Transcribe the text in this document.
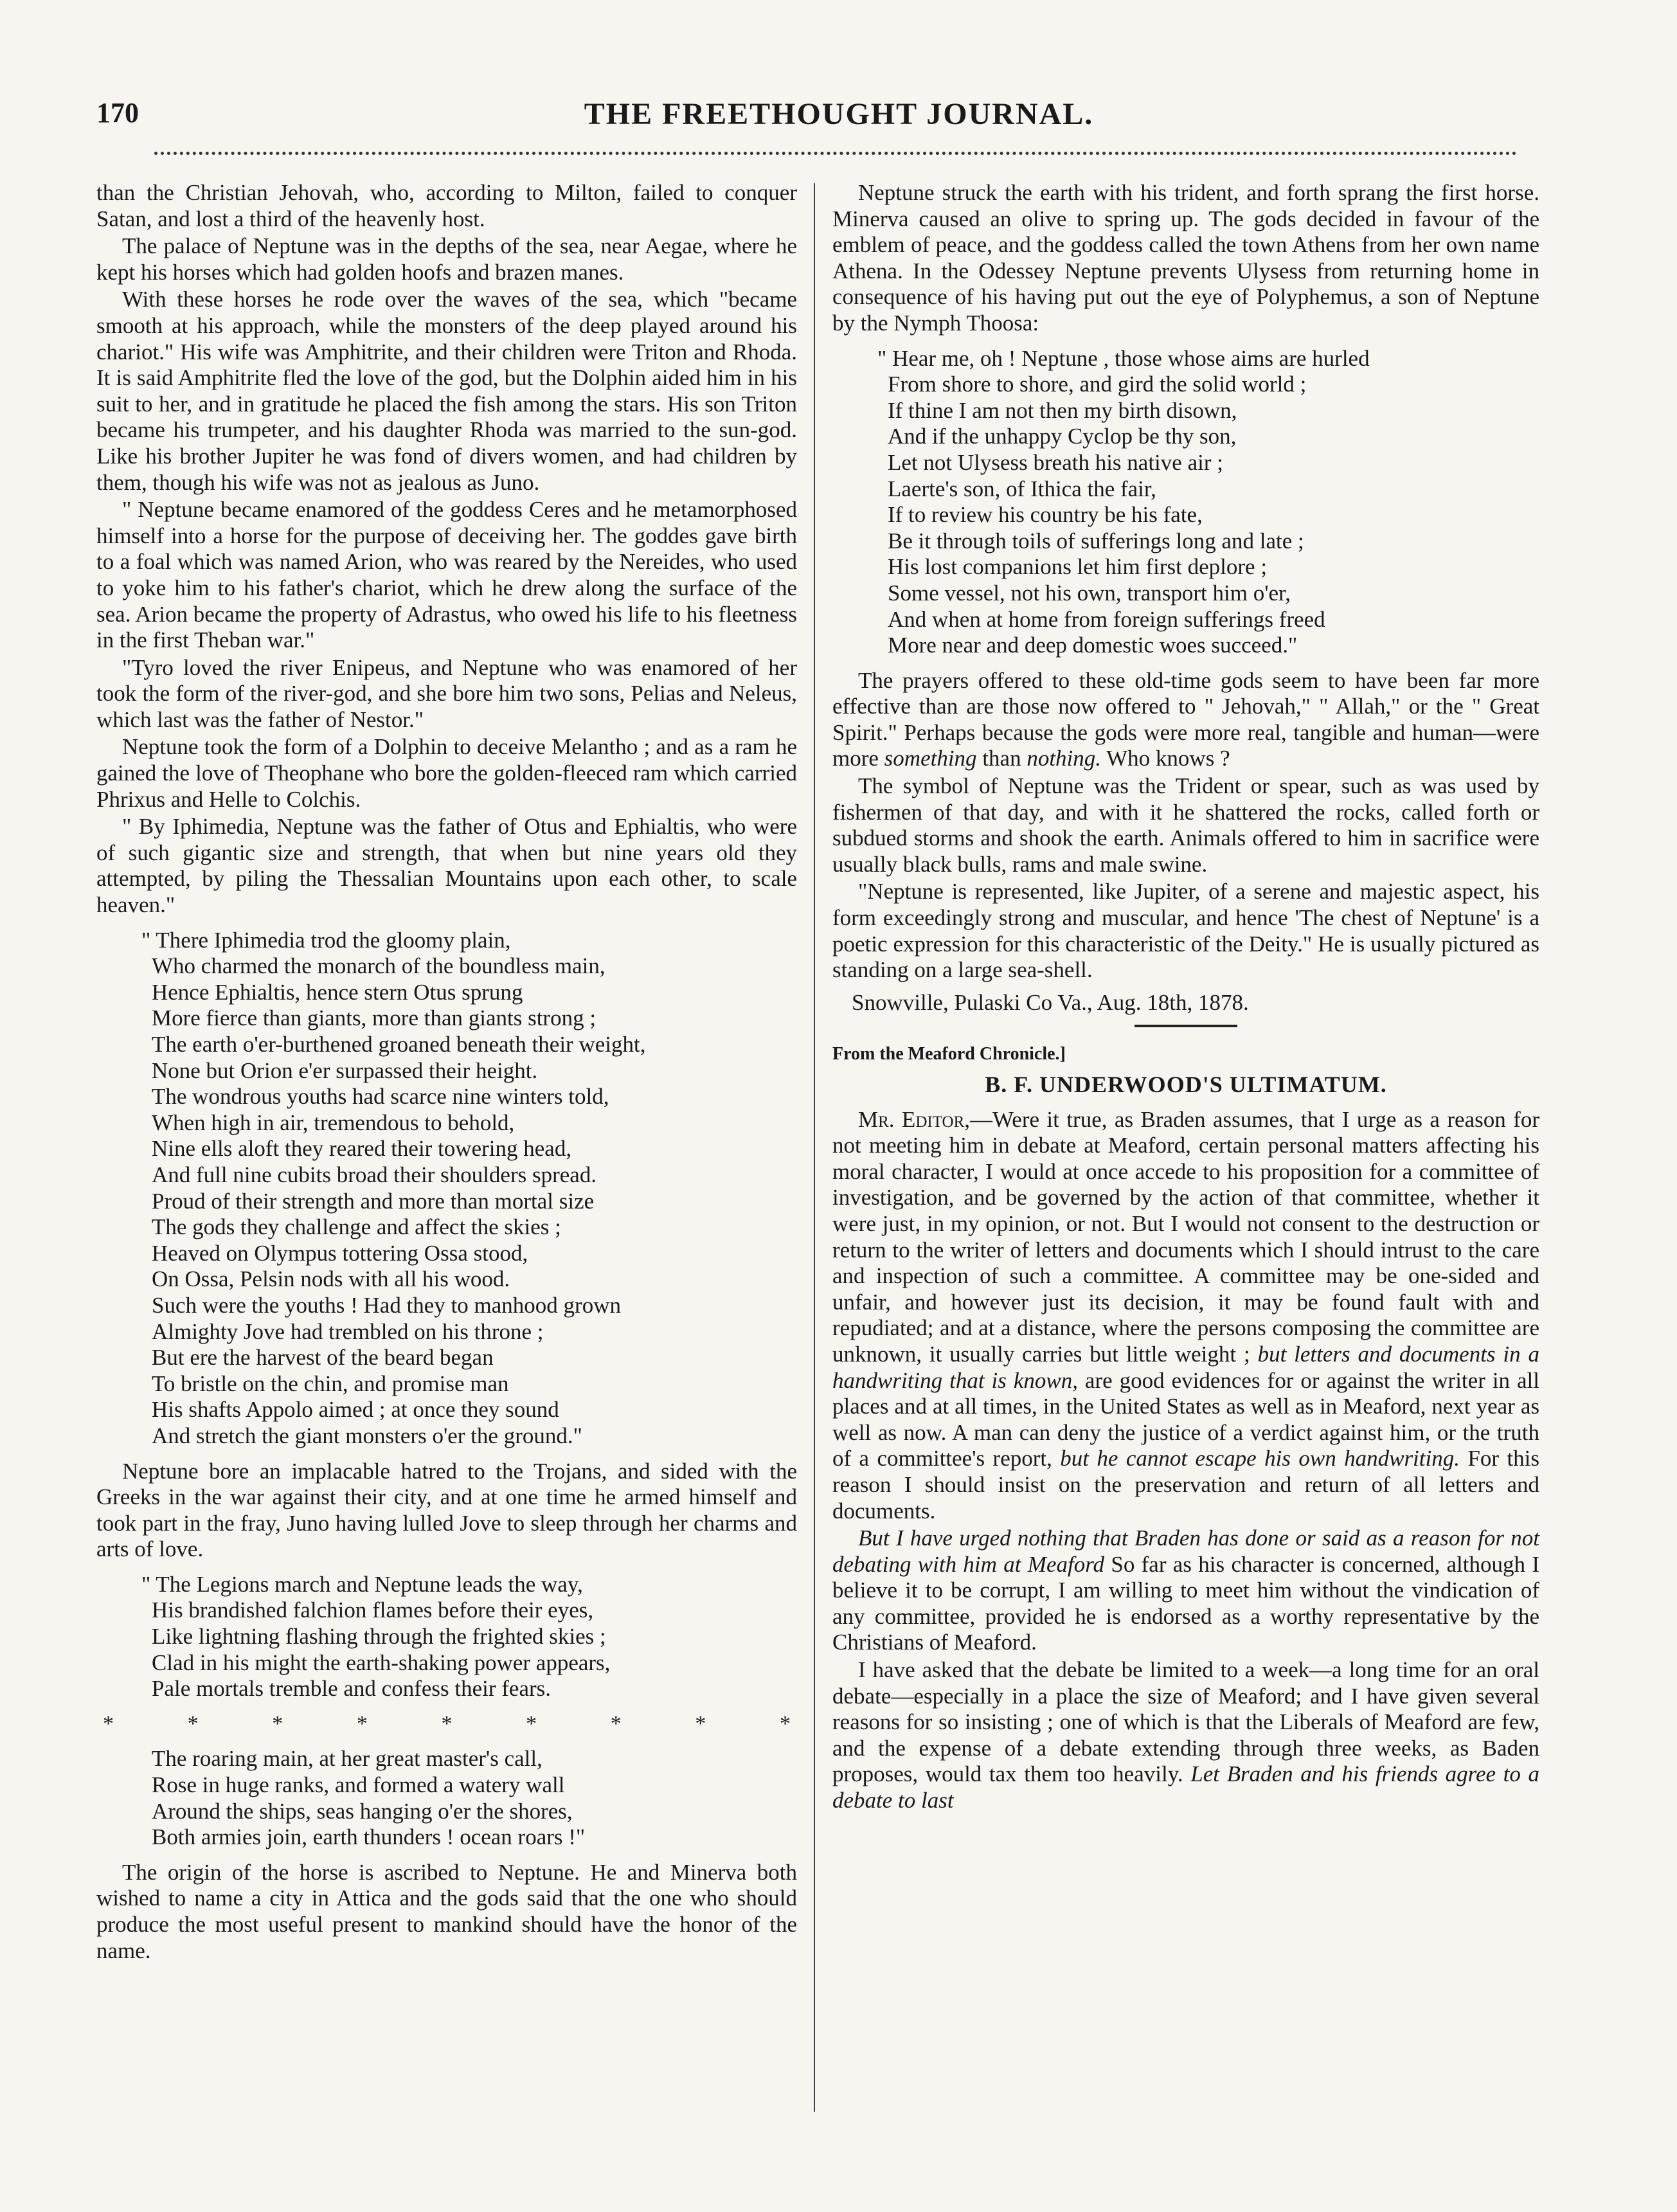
THE FREETHOUGHT JOURNAL.
170

than the Christian Jehovah, who, according to Milton, failed to conquer Satan, and lost a third of the heavenly host.

The palace of Neptune was in the depths of the sea, near Aegae, where he kept his horses which had golden hoofs and brazen manes.

With these horses he rode over the waves of the sea, which "became smooth at his approach, while the monsters of the deep played around his chariot." His wife was Amphitrite, and their children were Triton and Rhoda. It is said Amphitrite fled the love of the god, but the Dolphin aided him in his suit to her, and in gratitude he placed the fish among the stars. His son Triton became his trumpeter, and his daughter Rhoda was married to the sun-god. Like his brother Jupiter he was fond of divers women, and had children by them, though his wife was not as jealous as Juno.

" Neptune became enamored of the goddess Ceres and he metamorphosed himself into a horse for the purpose of deceiving her. The goddes gave birth to a foal which was named Arion, who was reared by the Nereides, who used to yoke him to his father's chariot, which he drew along the surface of the sea. Arion became the property of Adrastus, who owed his life to his fleetness in the first Theban war."

"Tyro loved the river Enipeus, and Neptune who was enamored of her took the form of the river-god, and she bore him two sons, Pelias and Neleus, which last was the father of Nestor."

Neptune took the form of a Dolphin to deceive Melantho ; and as a ram he gained the love of Theophane who bore the golden-fleeced ram which carried Phrixus and Helle to Colchis.

" By Iphimedia, Neptune was the father of Otus and Ephialtis, who were of such gigantic size and strength, that when but nine years old they attempted, by piling the Thessalian Mountains upon each other, to scale heaven."

" There Iphimedia trod the gloomy plain,
Who charmed the monarch of the boundless main,
Hence Ephialtis, hence stern Otus sprung
More fierce than giants, more than giants strong ;
The earth o'er-burthened groaned beneath their weight,
None but Orion e'er surpassed their height.
The wondrous youths had scarce nine winters told,
When high in air, tremendous to behold,
Nine ells aloft they reared their towering head,
And full nine cubits broad their shoulders spread.
Proud of their strength and more than mortal size
The gods they challenge and affect the skies ;
Heaved on Olympus tottering Ossa stood,
On Ossa, Pelsin nods with all his wood.
Such were the youths ! Had they to manhood grown
Almighty Jove had trembled on his throne ;
But ere the harvest of the beard began
To bristle on the chin, and promise man
His shafts Appolo aimed ; at once they sound
And stretch the giant monsters o'er the ground."

Neptune bore an implacable hatred to the Trojans, and sided with the Greeks in the war against their city, and at one time he armed himself and took part in the fray, Juno having lulled Jove to sleep through her charms and arts of love.

" The Legions march and Neptune leads the way,
His brandished falchion flames before their eyes,
Like lightning flashing through the frighted skies ;
Clad in his might the earth-shaking power appears,
Pale mortals tremble and confess their fears.
*	*	*	*	*	*	*	*	*
The roaring main, at her great master's call,
Rose in huge ranks, and formed a watery wall
Around the ships, seas hanging o'er the shores,
Both armies join, earth thunders ! ocean roars !"

The origin of the horse is ascribed to Neptune. He and Minerva both wished to name a city in Attica and the gods said that the one who should produce the most useful present to mankind should have the honor of the name.

Neptune struck the earth with his trident, and forth sprang the first horse. Minerva caused an olive to spring up. The gods decided in favour of the emblem of peace, and the goddess called the town Athens from her own name Athena. In the Odessey Neptune prevents Ulysess from returning home in consequence of his having put out the eye of Polyphemus, a son of Neptune by the Nymph Thoosa:

" Hear me, oh ! Neptune , those whose aims are hurled
From shore to shore, and gird the solid world ;
If thine I am not then my birth disown,
And if the unhappy Cyclop be thy son,
Let not Ulysess breath his native air ;
Laerte's son, of Ithica the fair,
If to review his country be his fate,
Be it through toils of sufferings long and late ;
His lost companions let him first deplore ;
Some vessel, not his own, transport him o'er,
And when at home from foreign sufferings freed
More near and deep domestic woes succeed."

The prayers offered to these old-time gods seem to have been far more effective than are those now offered to " Jehovah," " Allah," or the " Great Spirit." Perhaps because the gods were more real, tangible and human—were more something than nothing. Who knows ?

The symbol of Neptune was the Trident or spear, such as was used by fishermen of that day, and with it he shattered the rocks, called forth or subdued storms and shook the earth. Animals offered to him in sacrifice were usually black bulls, rams and male swine.

"Neptune is represented, like Jupiter, of a serene and majestic aspect, his form exceedingly strong and muscular, and hence 'The chest of Neptune' is a poetic expression for this characteristic of the Deity." He is usually pictured as standing on a large sea-shell.

Snowville, Pulaski Co Va., Aug. 18th, 1878.

From the Meaford Chronicle.]

B. F. UNDERWOOD'S ULTIMATUM.

Mr. Editor,—Were it true, as Braden assumes, that I urge as a reason for not meeting him in debate at Meaford, certain personal matters affecting his moral character, I would at once accede to his proposition for a committee of investigation, and be governed by the action of that committee, whether it were just, in my opinion, or not. But I would not consent to the destruction or return to the writer of letters and documents which I should intrust to the care and inspection of such a committee. A committee may be one-sided and unfair, and however just its decision, it may be found fault with and repudiated; and at a distance, where the persons composing the committee are unknown, it usually carries but little weight ; but letters and documents in a handwriting that is known, are good evidences for or against the writer in all places and at all times, in the United States as well as in Meaford, next year as well as now. A man can deny the justice of a verdict against him, or the truth of a committee's report, but he cannot escape his own handwriting. For this reason I should insist on the preservation and return of all letters and documents.

But I have urged nothing that Braden has done or said as a reason for not debating with him at Meaford So far as his character is concerned, although I believe it to be corrupt, I am willing to meet him without the vindication of any committee, provided he is endorsed as a worthy representative by the Christians of Meaford.

I have asked that the debate be limited to a week—a long time for an oral debate—especially in a place the size of Meaford; and I have given several reasons for so insisting ; one of which is that the Liberals of Meaford are few, and the expense of a debate extending through three weeks, as Baden proposes, would tax them too heavily. Let Braden and his friends agree to a debate to last
